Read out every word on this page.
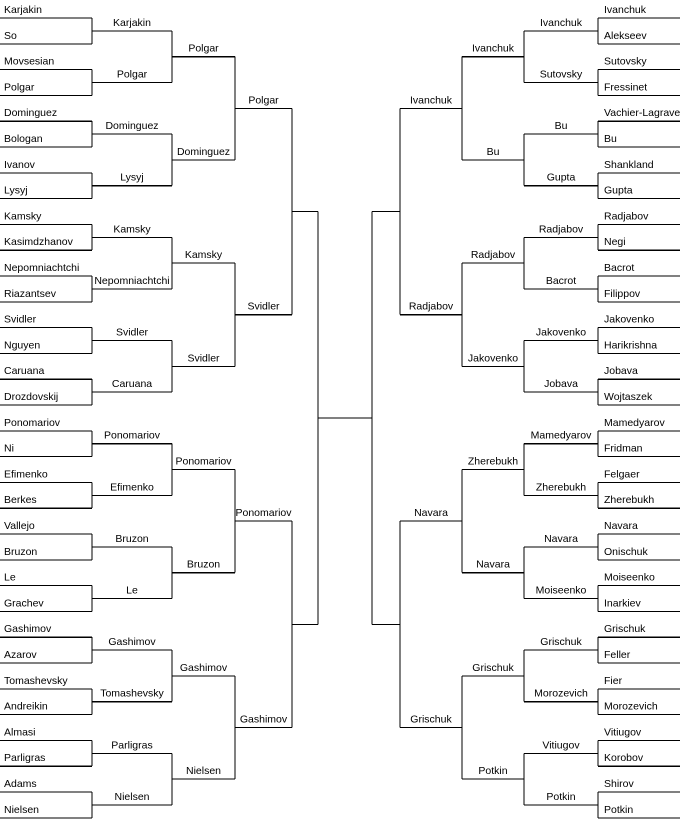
Karjakin
So
Movsesian
Polgar
Dominguez
Bologan
Ivanov
Lysyj
Kamsky
Kasimdzhanov
Nepomniachtchi
Riazantsev
Svidler
Nguyen
Caruana
Drozdovskij
Ponomariov
Ni
Efimenko
Berkes
Vallejo
Bruzon
Le
Grachev
Gashimov
Azarov
Tomashevsky
Andreikin
Almasi
Parligras
Adams
Nielsen
Karjakin
Polgar
Dominguez
Lysyj
Kamsky
Nepomniachtchi
Svidler
Caruana
Ponomariov
Efimenko
Bruzon
Le
Gashimov
Tomashevsky
Parligras
Nielsen
Polgar
Dominguez
Kamsky
Svidler
Ponomariov
Bruzon
Gashimov
Nielsen
Polgar
Svidler
Ponomariov
Gashimov
Ivanchuk
Alekseev
Sutovsky
Fressinet
Vachier-Lagrave
Bu
Shankland
Gupta
Radjabov
Negi
Bacrot
Filippov
Jakovenko
Harikrishna
Jobava
Wojtaszek
Mamedyarov
Fridman
Felgaer
Zherebukh
Navara
Onischuk
Moiseenko
Inarkiev
Grischuk
Feller
Fier
Morozevich
Vitiugov
Korobov
Shirov
Potkin
Ivanchuk
Sutovsky
Bu
Gupta
Radjabov
Bacrot
Jakovenko
Jobava
Mamedyarov
Zherebukh
Navara
Moiseenko
Grischuk
Morozevich
Vitiugov
Potkin
Ivanchuk
Bu
Radjabov
Jakovenko
Zherebukh
Navara
Grischuk
Potkin
Ivanchuk
Radjabov
Navara
Grischuk
